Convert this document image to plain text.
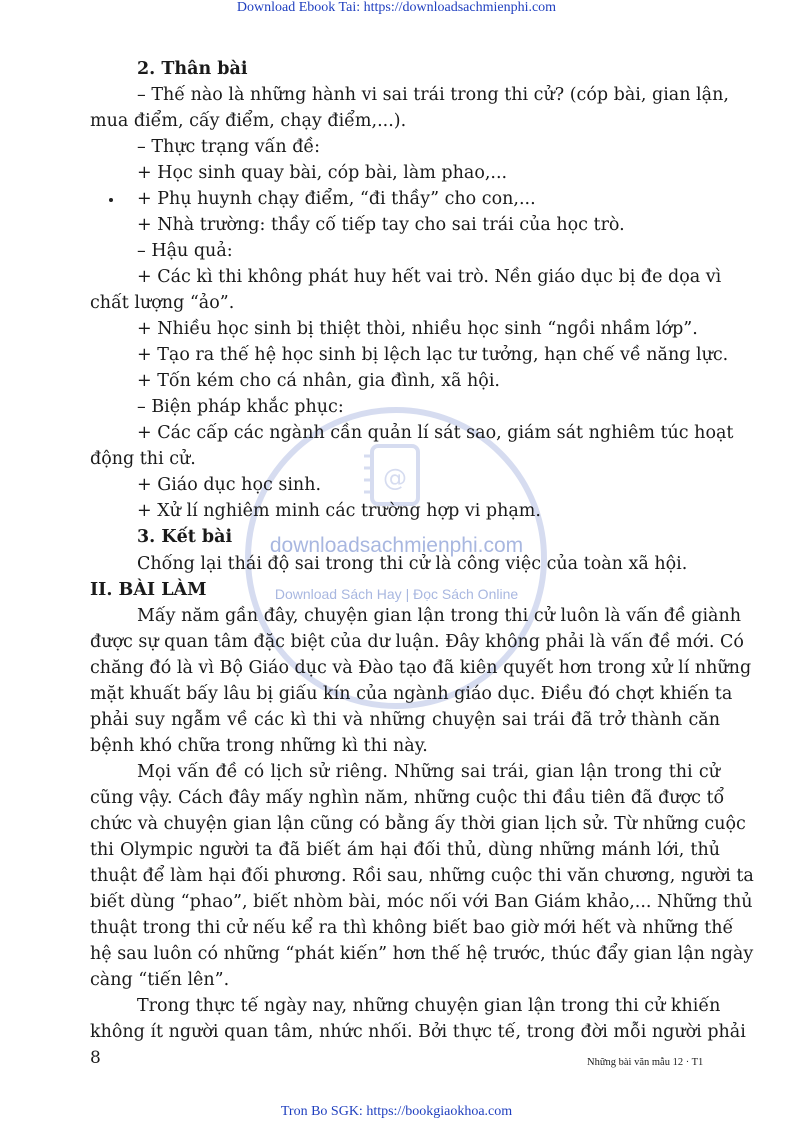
Download Ebook Tai: https://downloadsachmienphi.com
@
2. Thân bài
– Thế nào là những hành vi sai trái trong thi cử? (cóp bài, gian lận,
mua điểm, cấy điểm, chạy điểm,...).
– Thực trạng vấn đề:
+ Học sinh quay bài, cóp bài, làm phao,...
+ Phụ huynh chạy điểm, “đi thầy” cho con,...
+ Nhà trường: thầy cố tiếp tay cho sai trái của học trò.
– Hậu quả:
+ Các kì thi không phát huy hết vai trò. Nền giáo dục bị đe dọa vì
chất lượng “ảo”.
+ Nhiều học sinh bị thiệt thòi, nhiều học sinh “ngồi nhầm lớp”.
+ Tạo ra thế hệ học sinh bị lệch lạc tư tưởng, hạn chế về năng lực.
+ Tốn kém cho cá nhân, gia đình, xã hội.
– Biện pháp khắc phục:
+ Các cấp các ngành cần quản lí sát sao, giám sát nghiêm túc hoạt
động thi cử.
+ Giáo dục học sinh.
+ Xử lí nghiêm minh các trường hợp vi phạm.
3. Kết bài
Chống lại thái độ sai trong thi cử là công việc của toàn xã hội.
II. BÀI LÀM
downloadsachmienphi.com
Download Sách Hay | Đọc Sách Online
Mấy năm gần đây, chuyện gian lận trong thi cử luôn là vấn đề giành
được sự quan tâm đặc biệt của dư luận. Đây không phải là vấn đề mới. Có
chăng đó là vì Bộ Giáo dục và Đào tạo đã kiên quyết hơn trong xử lí những
mặt khuất bấy lâu bị giấu kín của ngành giáo dục. Điều đó chợt khiến ta
phải suy ngẫm về các kì thi và những chuyện sai trái đã trở thành căn
bệnh khó chữa trong những kì thi này.
Mọi vấn đề có lịch sử riêng. Những sai trái, gian lận trong thi cử
cũng vậy. Cách đây mấy nghìn năm, những cuộc thi đầu tiên đã được tổ
chức và chuyện gian lận cũng có bằng ấy thời gian lịch sử. Từ những cuộc
thi Olympic người ta đã biết ám hại đối thủ, dùng những mánh lới, thủ
thuật để làm hại đối phương. Rồi sau, những cuộc thi văn chương, người ta
biết dùng “phao”, biết nhòm bài, móc nối với Ban Giám khảo,... Những thủ
thuật trong thi cử nếu kể ra thì không biết bao giờ mới hết và những thế
hệ sau luôn có những “phát kiến” hơn thế hệ trước, thúc đẩy gian lận ngày
càng “tiến lên”.
Trong thực tế ngày nay, những chuyện gian lận trong thi cử khiến
không ít người quan tâm, nhức nhối. Bởi thực tế, trong đời mỗi người phải
8	Những bài văn mẫu 12 · T1
Tron Bo SGK: https://bookgiaokhoa.com
